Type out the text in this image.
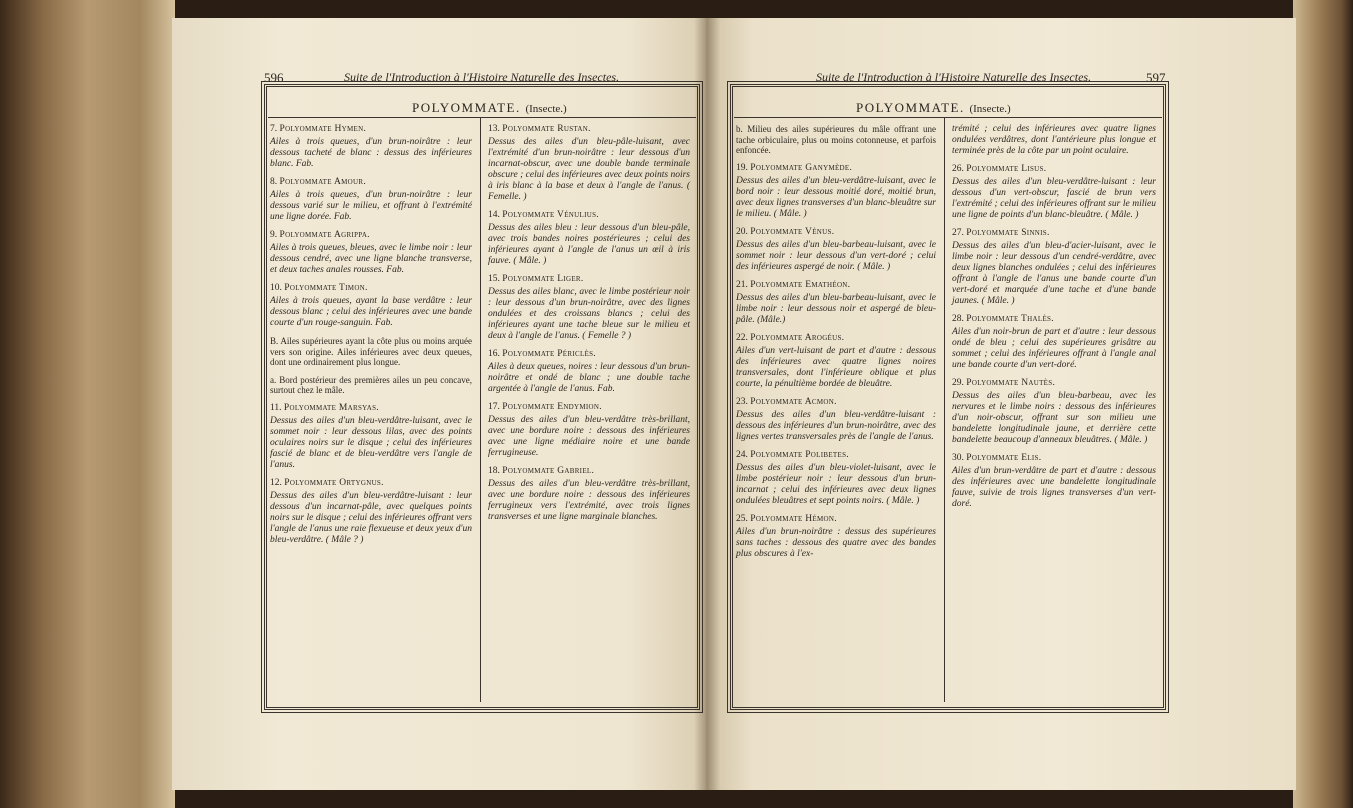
596	Suite de l'Introduction à l'Histoire Naturelle des Insectes.
POLYOMMATE. (Insecte.)
7. Polyommate Hymen.
Ailes à trois queues, d'un brun-noirâtre : leur dessous tacheté de blanc : dessus des inférieures blanc. Fab.
8. Polyommate Amour.
Ailes à trois queues, d'un brun-noirâtre : leur dessous varié sur le milieu, et offrant à l'extrémité une ligne dorée. Fab.
9. Polyommate Agrippa.
Ailes à trois queues, bleues, avec le limbe noir : leur dessous cendré, avec une ligne blanche transverse, et deux taches anales rousses. Fab.
10. Polyommate Timon.
Ailes à trois queues, ayant la base verdâtre : leur dessous blanc ; celui des inférieures avec une bande courte d'un rouge-sanguin. Fab.
B. Ailes supérieures ayant la côte plus ou moins arquée vers son origine. Ailes inférieures avec deux queues, dont une ordinairement plus longue.
a. Bord postérieur des premières ailes un peu concave, surtout chez le mâle.
11. Polyommate Marsyas.
Dessus des ailes d'un bleu-verdâtre-luisant, avec le sommet noir : leur dessous lilas, avec des points oculaires noirs sur le disque ; celui des inférieures fascié de blanc et de bleu-verdâtre vers l'angle de l'anus.
12. Polyommate Ortygnus.
Dessus des ailes d'un bleu-verdâtre-luisant : leur dessous d'un incarnat-pâle, avec quelques points noirs sur le disque ; celui des inférieures offrant vers l'angle de l'anus une raie flexueuse et deux yeux d'un bleu-verdâtre. ( Mâle ? )
13. Polyommate Rustan.
Dessus des ailes d'un bleu-pâle-luisant, avec l'extrémité d'un brun-noirâtre : leur dessous d'un incarnat-obscur, avec une double bande terminale obscure ; celui des inférieures avec deux points noirs à iris blanc à la base et deux à l'angle de l'anus. ( Femelle. )
14. Polyommate Vénulius.
Dessus des ailes bleu : leur dessous d'un bleu-pâle, avec trois bandes noires postérieures ; celui des inférieures ayant à l'angle de l'anus un œil à iris fauve. ( Mâle. )
15. Polyommate Liger.
Dessus des ailes blanc, avec le limbe postérieur noir : leur dessous d'un brun-noirâtre, avec des lignes ondulées et des croissans blancs ; celui des inférieures ayant une tache bleue sur le milieu et deux à l'angle de l'anus. ( Femelle ? )
16. Polyommate Périclès.
Ailes à deux queues, noires : leur dessous d'un brun-noirâtre et ondé de blanc ; une double tache argentée à l'angle de l'anus. Fab.
17. Polyommate Endymion.
Dessus des ailes d'un bleu-verdâtre très-brillant, avec une bordure noire : dessous des inférieures avec une ligne médiaire noire et une bande ferrugineuse.
18. Polyommate Gabriel.
Dessus des ailes d'un bleu-verdâtre très-brillant, avec une bordure noire : dessous des inférieures ferrugineux vers l'extrémité, avec trois lignes transverses et une ligne marginale blanches.
Suite de l'Introduction à l'Histoire Naturelle des Insectes.	597
POLYOMMATE. (Insecte.)
b. Milieu des ailes supérieures du mâle offrant une tache orbiculaire, plus ou moins cotonneuse, et parfois enfoncée.
19. Polyommate Ganymède.
Dessus des ailes d'un bleu-verdâtre-luisant, avec le bord noir : leur dessous moitié doré, moitié brun, avec deux lignes transverses d'un blanc-bleuâtre sur le milieu. ( Mâle. )
20. Polyommate Vénus.
Dessus des ailes d'un bleu-barbeau-luisant, avec le sommet noir : leur dessous d'un vert-doré ; celui des inférieures aspergé de noir. ( Mâle. )
21. Polyommate Emathéon.
Dessus des ailes d'un bleu-barbeau-luisant, avec le limbe noir : leur dessous noir et aspergé de bleu-pâle. (Mâle.)
22. Polyommate Arogéus.
Ailes d'un vert-luisant de part et d'autre : dessous des inférieures avec quatre lignes noires transversales, dont l'inférieure oblique et plus courte, la pénultième bordée de bleuâtre.
23. Polyommate Acmon.
Dessus des ailes d'un bleu-verdâtre-luisant : dessous des inférieures d'un brun-noirâtre, avec des lignes vertes transversales près de l'angle de l'anus.
24. Polyommate Polibetes.
Dessus des ailes d'un bleu-violet-luisant, avec le limbe postérieur noir : leur dessous d'un brun-incarnat ; celui des inférieures avec deux lignes ondulées bleuâtres et sept points noirs. ( Mâle. )
25. Polyommate Hémon.
Ailes d'un brun-noirâtre : dessus des supérieures sans taches : dessous des quatre avec des bandes plus obscures à l'ex-
trémité ; celui des inférieures avec quatre lignes ondulées verdâtres, dont l'antérieure plus longue et terminée près de la côte par un point oculaire.
26. Polyommate Lisus.
Dessus des ailes d'un bleu-verdâtre-luisant : leur dessous d'un vert-obscur, fascié de brun vers l'extrémité ; celui des inférieures offrant sur le milieu une ligne de points d'un blanc-bleuâtre. ( Mâle. )
27. Polyommate Sinnis.
Dessus des ailes d'un bleu-d'acier-luisant, avec le limbe noir : leur dessous d'un cendré-verdâtre, avec deux lignes blanches ondulées ; celui des inférieures offrant à l'angle de l'anus une bande courte d'un vert-doré et marquée d'une tache et d'une bande jaunes. ( Mâle. )
28. Polyommate Thalès.
Ailes d'un noir-brun de part et d'autre : leur dessous ondé de bleu ; celui des supérieures grisâtre au sommet ; celui des inférieures offrant à l'angle anal une bande courte d'un vert-doré.
29. Polyommate Nautès.
Dessus des ailes d'un bleu-barbeau, avec les nervures et le limbe noirs : dessous des inférieures d'un noir-obscur, offrant sur son milieu une bandelette longitudinale jaune, et derrière cette bandelette beaucoup d'anneaux bleuâtres. ( Mâle. )
30. Polyommate Elis.
Ailes d'un brun-verdâtre de part et d'autre : dessous des inférieures avec une bandelette longitudinale fauve, suivie de trois lignes transverses d'un vert-doré.
